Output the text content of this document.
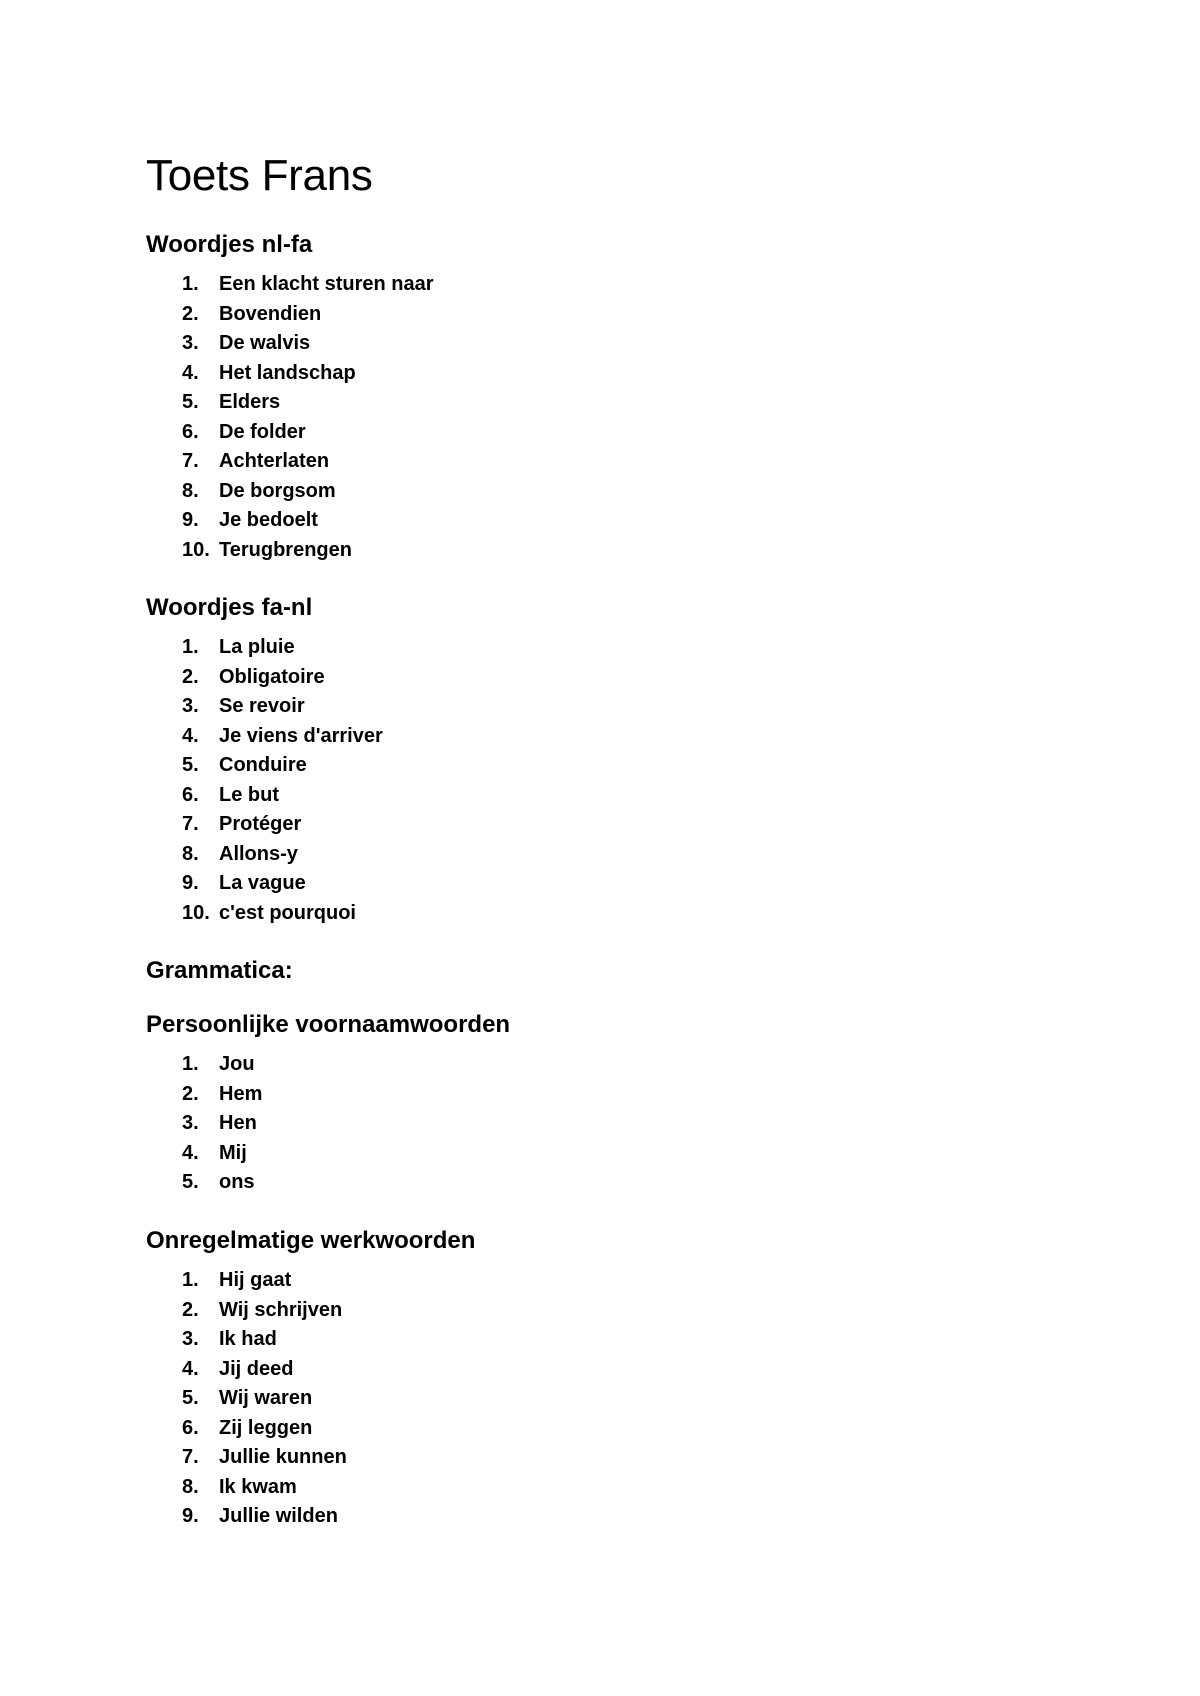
Toets Frans
Woordjes nl-fa
1. Een klacht sturen naar
2. Bovendien
3. De walvis
4. Het landschap
5. Elders
6. De folder
7. Achterlaten
8. De borgsom
9. Je bedoelt
10. Terugbrengen
Woordjes fa-nl
1. La pluie
2. Obligatoire
3. Se revoir
4. Je viens d'arriver
5. Conduire
6. Le but
7. Protéger
8. Allons-y
9. La vague
10. c'est pourquoi
Grammatica:
Persoonlijke voornaamwoorden
1. Jou
2. Hem
3. Hen
4. Mij
5. ons
Onregelmatige werkwoorden
1. Hij gaat
2. Wij schrijven
3. Ik had
4. Jij deed
5. Wij waren
6. Zij leggen
7. Jullie kunnen
8. Ik kwam
9. Jullie wilden
